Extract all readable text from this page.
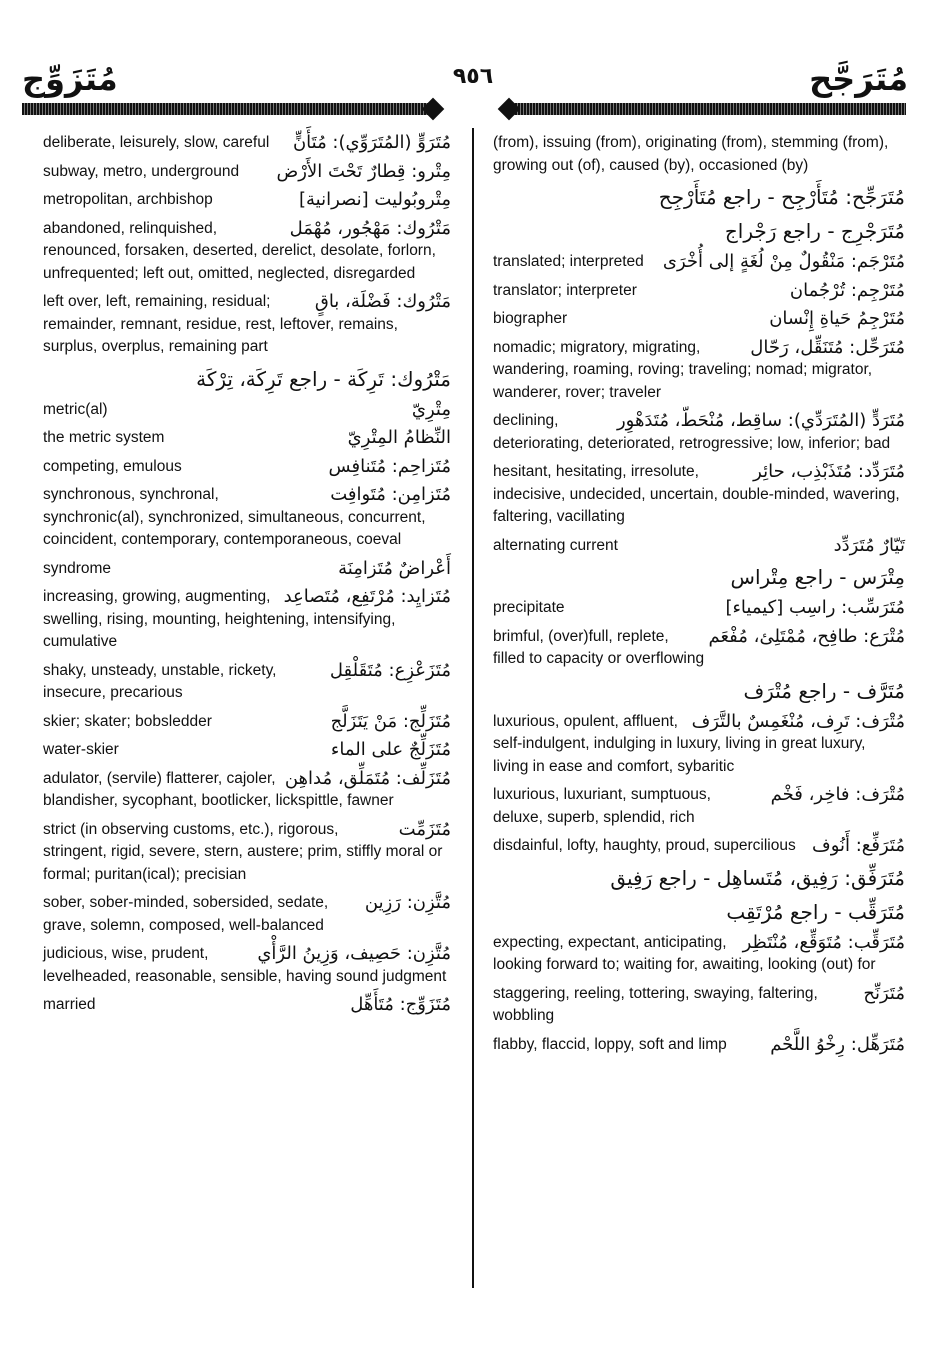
مُتَزَوِّج	٩٥٦	مُتَرَجَّح
مُتَرَوٍّ (المُتَرَوِّي): مُتَأَنٍّ
deliberate, leisurely, slow, careful
مِتْرو: قِطارٌ تَحْتَ الأَرْض
subway, metro, underground
مِتْروبُوليت [نصرانية]
metropolitan, archbishop
مَتْرُوك: مَهْجُور، مُهْمَل
abandoned, relinquished, renounced, forsaken, deserted, derelict, desolate, forlorn, unfrequented; left out, omitted, neglected, disregarded
مَتْرُوك: فَضْلَة، باقٍ
left over, left, remaining, residual; remainder, remnant, residue, rest, leftover, remains, surplus, overplus, remaining part
مَتْرُوك: تَرِكَة - راجع تَرِكَة، تِرْكَة
مِتْرِيّ
metric(al)
النِّظامُ المِتْرِيّ
the metric system
مُتَزاحِم: مُتَنافِس
competing, emulous
مُتَزامِن: مُتَوافِت
synchronous, synchronal, synchronic(al), synchronized, simultaneous, concurrent, coincident, contemporary, contemporaneous, coeval
أَعْراضٌ مُتَزامِنَة
syndrome
مُتَزايِد: مُرْتَفِع، مُتَصاعِد
increasing, growing, augmenting, swelling, rising, mounting, heightening, intensifying, cumulative
مُتَزَعْزِع: مُتَقَلْقِل
shaky, unsteady, unstable, rickety, insecure, precarious
مُتَزَلِّج: مَنْ يَتَزَلَّج
skier; skater; bobsledder
مُتَزَلِّجٌ على الماء
water-skier
مُتَزَلِّف: مُتَمَلِّق، مُداهِن
adulator, (servile) flatterer, cajoler, blandisher, sycophant, bootlicker, lickspittle, fawner
مُتَزَمِّت
strict (in observing customs, etc.), rigorous, stringent, rigid, severe, stern, austere; prim, stiffly moral or formal; puritan(ical); precisian
مُتَّزِن: رَزِين
sober, sober-minded, sobersided, sedate, grave, solemn, composed, well-balanced
مُتَّزِن: حَصِيف، وَزِينُ الرَّأْي
judicious, wise, prudent, levelheaded, reasonable, sensible, having sound judgment
مُتَزَوِّج: مُتَأَهِّل
married
(from), issuing (from), originating (from), stemming (from), growing out (of), caused (by), occasioned (by)
مُتَرَجِّح: مُتَأَرْجِح - راجع مُتَأَرْجِح
مُتَرَجْرِج - راجع رَجْراج
مُتَرْجَم: مَنْقُولٌ مِنْ لُغَةٍ إلى أُخْرَى
translated; interpreted
مُتَرْجِم: تُرْجُمان
translator; interpreter
مُتَرْجِمُ حَياةِ إِنْسان
biographer
مُتَرَحِّل: مُتَنَقِّل، رَحّال
nomadic; migratory, migrating, wandering, roaming, roving; traveling; nomad; migrator, wanderer, rover; traveler
مُتَرَدٍّ (المُتَرَدِّي): ساقِط، مُنْحَطّ، مُتَدَهْوِر
declining, deteriorating, deteriorated, retrogressive; low, inferior; bad
مُتَرَدِّد: مُتَذَبْذِب، حائِر
hesitant, hesitating, irresolute, indecisive, undecided, uncertain, double-minded, wavering, faltering, vacillating
تَيّارٌ مُتَرَدِّد
alternating current
مِتْرَس - راجع مِتْراس
مُتَرَسِّب: راسِب [كيمياء]
precipitate
مُتْرَع: طافِح، مُمْتَلِئ، مُفْعَم
brimful, (over)full, replete, filled to capacity or overflowing
مُتَرَّف - راجع مُتْرَف
مُتْرَف: تَرِف، مُنْغَمِسٌ بالتَّرَف
luxurious, opulent, affluent, self-indulgent, indulging in luxury, living in great luxury, living in ease and comfort, sybaritic
مُتْرَف: فاخِر، فَخْم
luxurious, luxuriant, sumptuous, deluxe, superb, splendid, rich
مُتَرَفِّع: أَنُوف
disdainful, lofty, haughty, proud, supercilious
مُتَرَفِّق: رَفِيق، مُتَساهِل - راجع رَفِيق
مُتَرَقِّب - راجع مُرْتَقِب
مُتَرَقِّب: مُتَوَقِّع، مُنْتَظِر
expecting, expectant, anticipating, looking forward to; waiting for, awaiting, looking (out) for
مُتَرَنِّح
staggering, reeling, tottering, swaying, faltering, wobbling
مُتَرَهِّل: رِخْوُ اللَّحْم
flabby, flaccid, loppy, soft and limp
